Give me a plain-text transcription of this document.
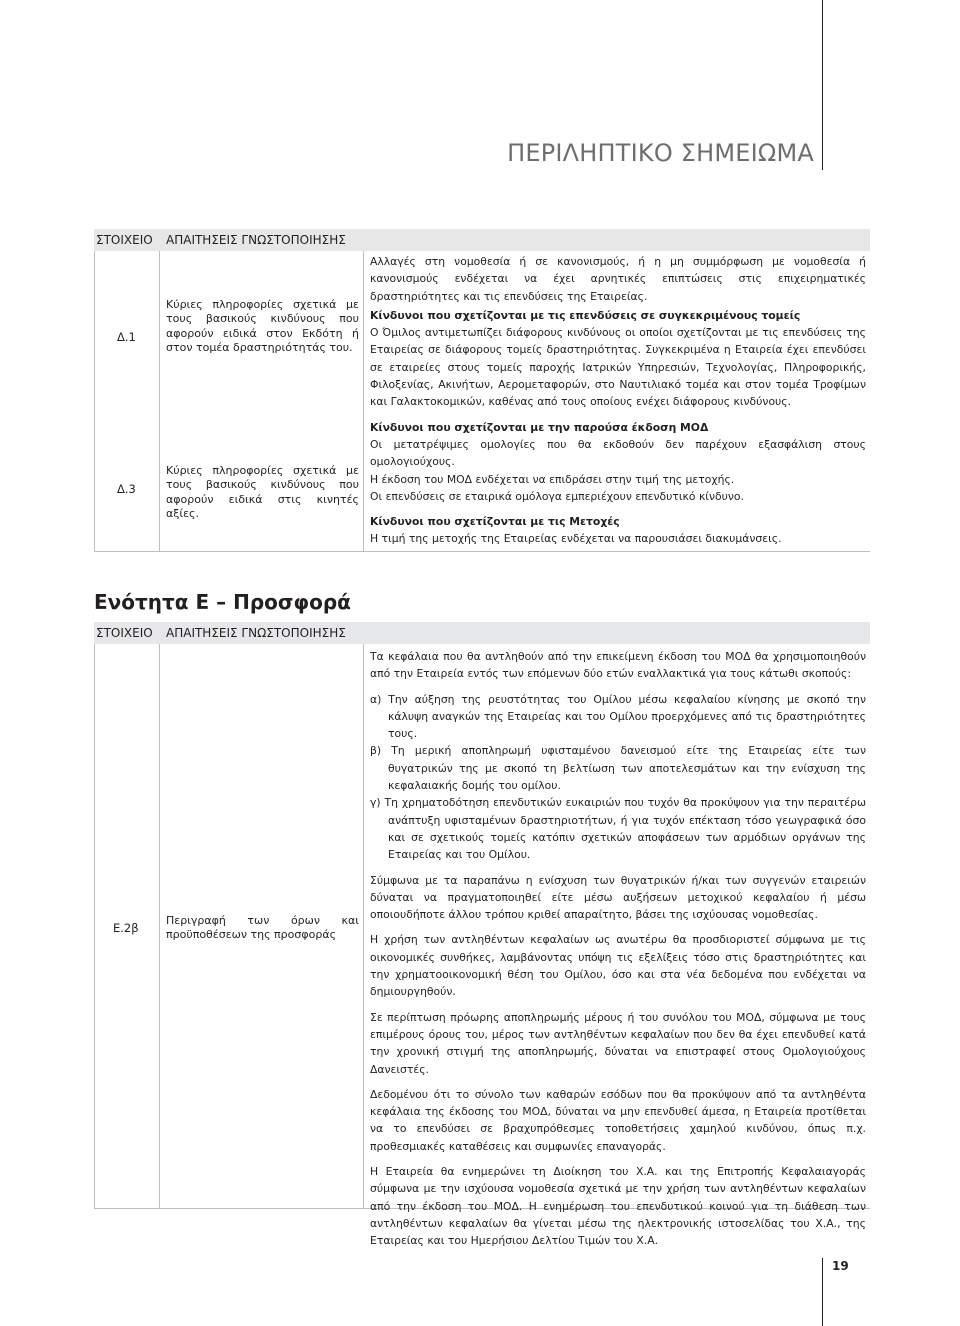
ΠΕΡΙΛΗΠΤΙΚΟ ΣΗΜΕΙΩΜΑ
ΣΤΟΙΧΕΙΟ ΑΠΑΙΤΗΣΕΙΣ ΓΝΩΣΤΟΠΟΙΗΣΗΣ
Δ.1
Κύριες πληροφορίες σχετικά με τους βασικούς κινδύνους που αφορούν ειδικά στον Εκδότη ή στον τομέα δραστηριότητάς του.
Δ.3
Κύριες πληροφορίες σχετικά με τους βασικούς κινδύνους που αφορούν ειδικά στις κινητές αξίες.

Αλλαγές στη νομοθεσία ή σε κανονισμούς, ή η μη συμμόρφωση με νομοθεσία ή κανονισμούς ενδέχεται να έχει αρνητικές επιπτώσεις στις επιχειρηματικές δραστηριότητες και τις επενδύσεις της Εταιρείας.

Κίνδυνοι που σχετίζονται με τις επενδύσεις σε συγκεκριμένους τομείς

Ο Όμιλος αντιμετωπίζει διάφορους κινδύνους οι οποίοι σχετίζονται με τις επενδύσεις της Εταιρείας σε διάφορους τομείς δραστηριότητας. Συγκεκριμένα η Εταιρεία έχει επενδύσει σε εταιρείες στους τομείς παροχής Ιατρικών Υπηρεσιών, Τεχνολογίας, Πληροφορικής, Φιλοξενίας, Ακινήτων, Αεροµεταφορών, στο Ναυτιλιακό τομέα και στον τομέα Τροφίμων και Γαλακτοκομικών, καθένας από τους οποίους ενέχει διάφορους κινδύνους.

Κίνδυνοι που σχετίζονται με την παρούσα έκδοση ΜΟΔ

Οι μετατρέψιμες ομολογίες που θα εκδοθούν δεν παρέχουν εξασφάλιση στους ομολογιούχους.

Η έκδοση του ΜΟΔ ενδέχεται να επιδράσει στην τιμή της μετοχής.

Οι επενδύσεις σε εταιρικά ομόλογα εμπεριέχουν επενδυτικό κίνδυνο.

Κίνδυνοι που σχετίζονται με τις Μετοχές

Η τιμή της μετοχής της Εταιρείας ενδέχεται να παρουσιάσει διακυμάνσεις.

Ενότητα Ε – Προσφορά
ΣΤΟΙΧΕΙΟ ΑΠΑΙΤΗΣΕΙΣ ΓΝΩΣΤΟΠΟΙΗΣΗΣ
Ε.2β
Περιγραφή των όρων και προϋποθέσεων της προσφοράς

Τα κεφάλαια που θα αντληθούν από την επικείμενη έκδοση του ΜΟΔ θα χρησιμοποιηθούν από την Εταιρεία εντός των επόμενων δύο ετών εναλλακτικά για τους κάτωθι σκοπούς:

α) Την αύξηση της ρευστότητας του Ομίλου μέσω κεφαλαίου κίνησης με σκοπό την κάλυψη αναγκών της Εταιρείας και του Ομίλου προερχόμενες από τις δραστηριότητες τους.

β) Τη μερική αποπληρωμή υφισταμένου δανεισμού είτε της Εταιρείας είτε των θυγατρικών της με σκοπό τη βελτίωση των αποτελεσμάτων και την ενίσχυση της κεφαλαιακής δομής του ομίλου.

γ) Τη χρηματοδότηση επενδυτικών ευκαιριών που τυχόν θα προκύψουν για την περαιτέρω ανάπτυξη υφισταμένων δραστηριοτήτων, ή για τυχόν επέκταση τόσο γεωγραφικά όσο και σε σχετικούς τομείς κατόπιν σχετικών αποφάσεων των αρμόδιων οργάνων της Εταιρείας και του Ομίλου.

Σύμφωνα με τα παραπάνω η ενίσχυση των θυγατρικών ή/και των συγγενών εταιρειών δύναται να πραγματοποιηθεί είτε μέσω αυξήσεων μετοχικού κεφαλαίου ή μέσω οποιουδήποτε άλλου τρόπου κριθεί απαραίτητο, βάσει της ισχύουσας νομοθεσίας.

Η χρήση των αντληθέντων κεφαλαίων ως ανωτέρω θα προσδιοριστεί σύμφωνα με τις οικονομικές συνθήκες, λαμβάνοντας υπόψη τις εξελίξεις τόσο στις δραστηριότητες και την χρηματοοικονομική θέση του Ομίλου, όσο και στα νέα δεδομένα που ενδέχεται να δημιουργηθούν.

Σε περίπτωση πρόωρης αποπληρωμής μέρους ή του συνόλου του ΜΟΔ, σύμφωνα με τους επιμέρους όρους του, μέρος των αντληθέντων κεφαλαίων που δεν θα έχει επενδυθεί κατά την χρονική στιγμή της αποπληρωμής, δύναται να επιστραφεί στους Ομολογιούχους Δανειστές.

Δεδομένου ότι το σύνολο των καθαρών εσόδων που θα προκύψουν από τα αντληθέντα κεφάλαια της έκδοσης του ΜΟΔ, δύναται να μην επενδυθεί άμεσα, η Εταιρεία προτίθεται να το επενδύσει σε βραχυπρόθεσμες τοποθετήσεις χαμηλού κινδύνου, όπως π.χ. προθεσμιακές καταθέσεις και συμφωνίες επαναγοράς.

Η Εταιρεία θα ενημερώνει τη Διοίκηση του Χ.Α. και της Επιτροπής Κεφαλαιαγοράς σύμφωνα με την ισχύουσα νομοθεσία σχετικά με την χρήση των αντληθέντων κεφαλαίων από την έκδοση του ΜΟΔ. Η ενημέρωση του επενδυτικού κοινού για τη διάθεση των αντληθέντων κεφαλαίων θα γίνεται μέσω της ηλεκτρονικής ιστοσελίδας του Χ.Α., της Εταιρείας και του Ημερήσιου Δελτίου Τιμών του Χ.Α.

19
